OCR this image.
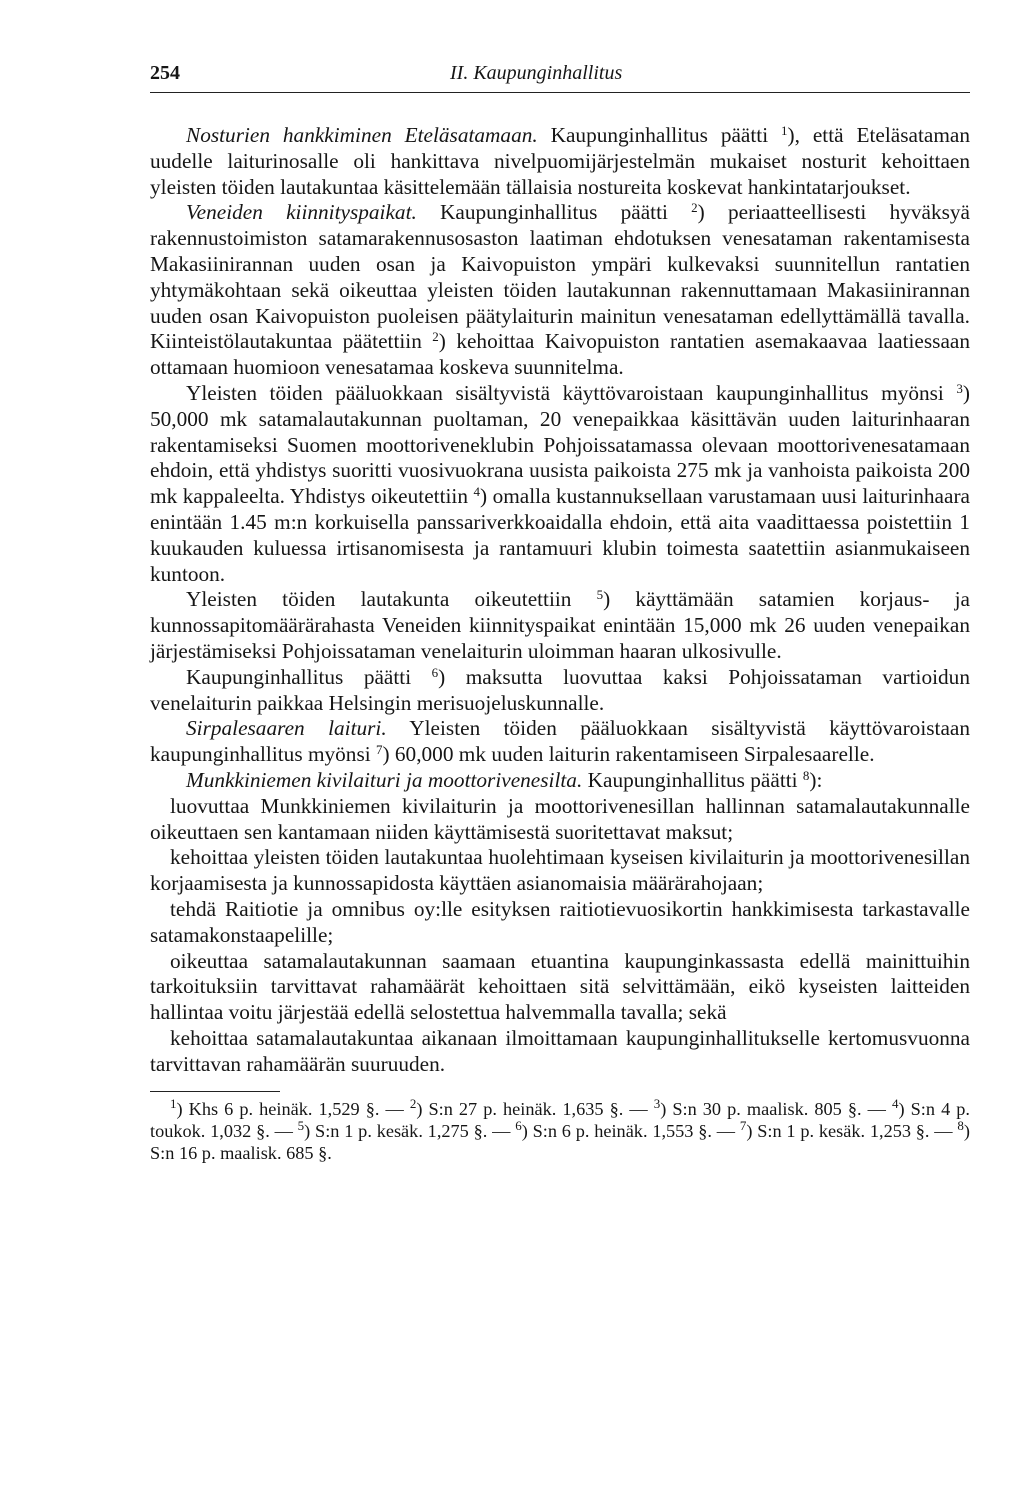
254	II. Kaupunginhallitus

Nosturien hankkiminen Eteläsatamaan. Kaupunginhallitus päätti $^1$), että Eteläsataman uudelle laiturinosalle oli hankittava nivelpuomijärjestelmän mukaiset nosturit kehoittaen yleisten töiden lautakuntaa käsittelemään tällaisia nostureita koskevat hankintatarjoukset.

Veneiden kiinnityspaikat. Kaupunginhallitus päätti $^2$) periaatteellisesti hyväksyä rakennustoimiston satamarakennusosaston laatiman ehdotuksen venesataman rakentamisesta Makasiinirannan uuden osan ja Kaivopuiston ympäri kulkevaksi suunnitellun rantatien yhtymäkohtaan sekä oikeuttaa yleisten töiden lautakunnan rakennuttamaan Makasiinirannan uuden osan Kaivopuiston puoleisen päätylaiturin mainitun venesataman edellyttämällä tavalla. Kiinteistölautakuntaa päätettiin $^2$) kehoittaa Kaivopuiston rantatien asemakaavaa laatiessaan ottamaan huomioon venesatamaa koskeva suunnitelma.

Yleisten töiden pääluokkaan sisältyvistä käyttövaroistaan kaupunginhallitus myönsi $^3$) 50,000 mk satamalautakunnan puoltaman, 20 venepaikkaa käsittävän uuden laiturinhaaran rakentamiseksi Suomen moottoriveneklubin Pohjoissatamassa olevaan moottorivenesatamaan ehdoin, että yhdistys suoritti vuosivuokrana uusista paikoista 275 mk ja vanhoista paikoista 200 mk kappaleelta. Yhdistys oikeutettiin $^4$) omalla kustannuksellaan varustamaan uusi laiturinhaara enintään 1.45 m:n korkuisella panssariverkkoaidalla ehdoin, että aita vaadittaessa poistettiin 1 kuukauden kuluessa irtisanomisesta ja rantamuuri klubin toimesta saatettiin asianmukaiseen kuntoon.

Yleisten töiden lautakunta oikeutettiin $^5$) käyttämään satamien korjaus- ja kunnossapitomäärärahasta Veneiden kiinnityspaikat enintään 15,000 mk 26 uuden venepaikan järjestämiseksi Pohjoissataman venelaiturin uloimman haaran ulkosivulle.

Kaupunginhallitus päätti $^6$) maksutta luovuttaa kaksi Pohjoissataman vartioidun venelaiturin paikkaa Helsingin merisuojeluskunnalle.

Sirpalesaaren laituri. Yleisten töiden pääluokkaan sisältyvistä käyttövaroistaan kaupunginhallitus myönsi $^7$) 60,000 mk uuden laiturin rakentamiseen Sirpalesaarelle.

Munkkiniemen kivilaituri ja moottorivenesilta. Kaupunginhallitus päätti $^8$):

luovuttaa Munkkiniemen kivilaiturin ja moottorivenesillan hallinnan satamalautakunnalle oikeuttaen sen kantamaan niiden käyttämisestä suoritettavat maksut;

kehoittaa yleisten töiden lautakuntaa huolehtimaan kyseisen kivilaiturin ja moottorivenesillan korjaamisesta ja kunnossapidosta käyttäen asianomaisia määrärahojaan;

tehdä Raitiotie ja omnibus oy:lle esityksen raitiotievuosikortin hankkimisesta tarkastavalle satamakonstaapelille;

oikeuttaa satamalautakunnan saamaan etuantina kaupunginkassasta edellä mainittuihin tarkoituksiin tarvittavat rahamäärät kehoittaen sitä selvittämään, eikö kyseisten laitteiden hallintaa voitu järjestää edellä selostettua halvemmalla tavalla; sekä

kehoittaa satamalautakuntaa aikanaan ilmoittamaan kaupunginhallitukselle kertomusvuonna tarvittavan rahamäärän suuruuden.

$^1$) Khs 6 p. heinäk. 1,529 §. — $^2$) S:n 27 p. heinäk. 1,635 §. — $^3$) S:n 30 p. maalisk. 805 §. — $^4$) S:n 4 p. toukok. 1,032 §. — $^5$) S:n 1 p. kesäk. 1,275 §. — $^6$) S:n 6 p. heinäk. 1,553 §. — $^7$) S:n 1 p. kesäk. 1,253 §. — $^8$) S:n 16 p. maalisk. 685 §.
